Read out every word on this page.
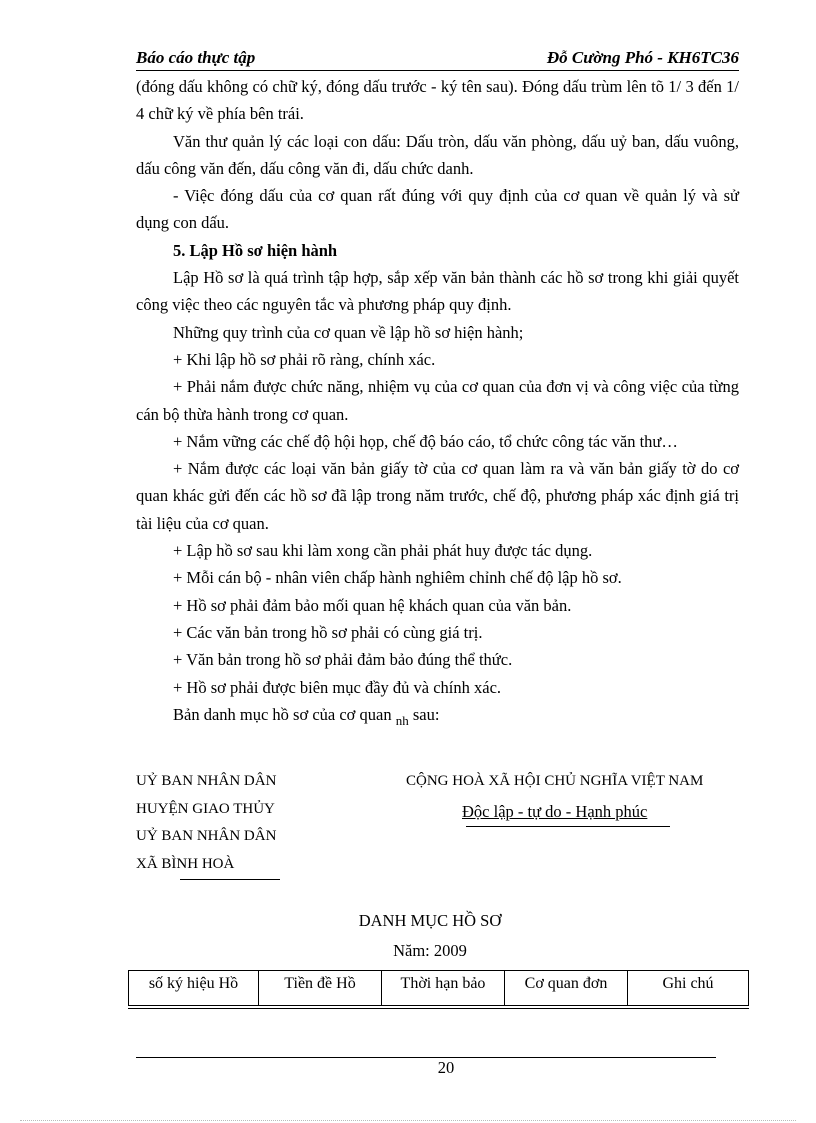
Báo cáo thực tập	Đỗ Cường Phó - KH6TC36

(đóng dấu không có chữ ký, đóng dấu trước - ký tên sau). Đóng dấu trùm lên tõ 1/ 3 đến 1/ 4 chữ ký về phía bên trái.

Văn thư quản lý các loại con dấu: Dấu tròn, dấu văn phòng, dấu uỷ ban, dấu vuông, dấu công văn đến, dấu công văn đi, dấu chức danh.

- Việc đóng dấu của cơ quan rất đúng với quy định của cơ quan về quản lý và sử dụng con dấu.

5. Lập Hồ sơ hiện hành

Lập Hồ sơ là quá trình tập hợp, sắp xếp văn bản thành các hồ sơ trong khi giải quyết công việc theo các nguyên tắc và phương pháp quy định.

Những quy trình của cơ quan về lập hồ sơ hiện hành;

+ Khi lập hồ sơ phải rõ ràng, chính xác.

+ Phải nắm được chức năng, nhiệm vụ của cơ quan của đơn vị và công việc của từng cán bộ thừa hành trong cơ quan.

+ Nắm vững các chế độ hội họp, chế độ báo cáo, tổ chức công tác văn thư…

+ Nắm được các loại văn bản giấy tờ của cơ quan làm ra và văn bản giấy tờ do cơ quan khác gửi đến các hồ sơ đã lập trong năm trước, chế độ, phương pháp xác định giá trị tài liệu của cơ quan.

+ Lập hồ sơ sau khi làm xong cần phải phát huy được tác dụng.

+ Mỗi cán bộ - nhân viên chấp hành nghiêm chỉnh chế độ lập hồ sơ.

+ Hồ sơ phải đảm bảo mối quan hệ khách quan của văn bản.

+ Các văn bản trong hồ sơ phải có cùng giá trị.

+ Văn bản trong hồ sơ phải đảm bảo đúng thể thức.

+ Hồ sơ phải được biên mục đầy đủ và chính xác.

Bản danh mục hồ sơ của cơ quan $_{nh}$ sau:

UỶ BAN NHÂN DÂN
HUYỆN GIAO THỦY
UỶ BAN NHÂN DÂN
XÃ BÌNH HOÀ
CỘNG HOÀ XÃ HỘI CHỦ NGHĨA VIỆT NAM
Độc lập - tự do - Hạnh phúc
DANH MỤC HỒ SƠ
Năm: 2009
số ký hiệu Hồ	Tiền đề Hồ	Thời hạn bảo	Cơ quan đơn	Ghi chú
20
